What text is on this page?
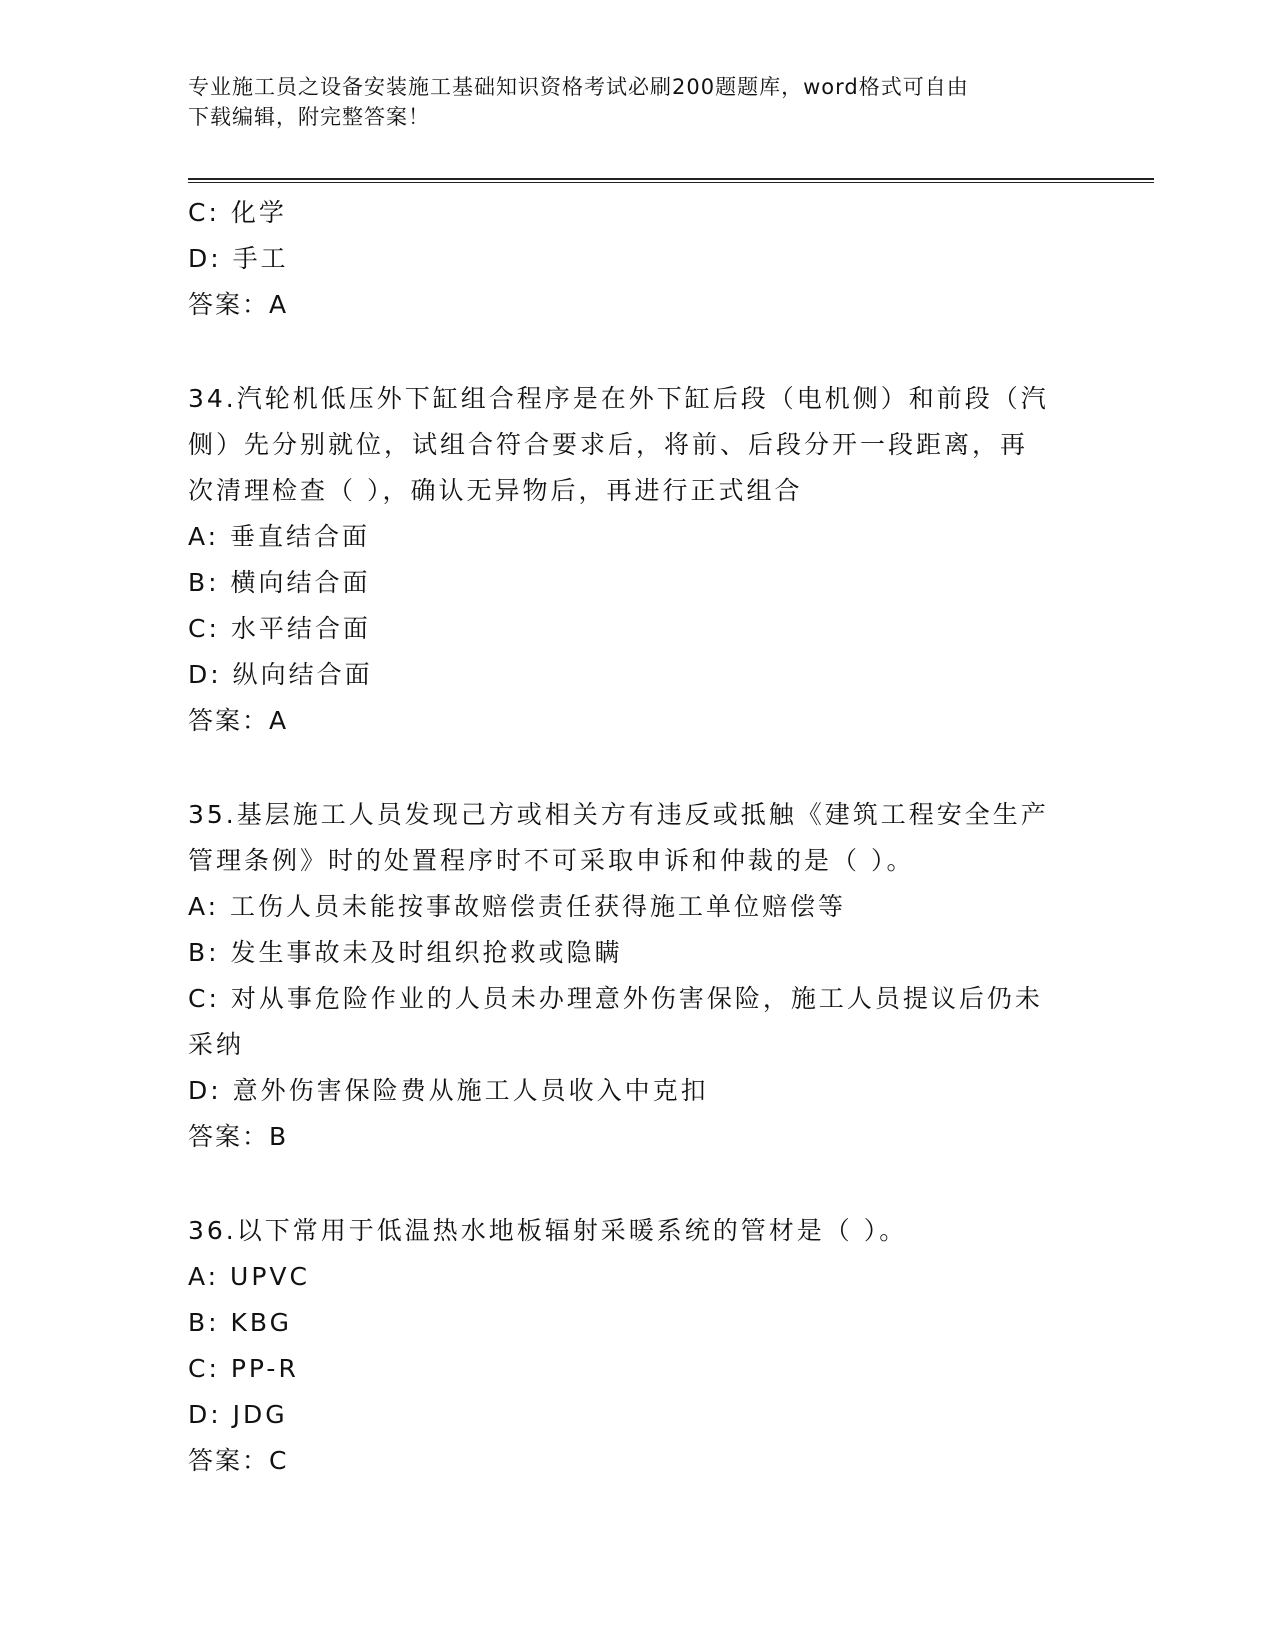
专业施工员之设备安装施工基础知识资格考试必刷200题题库，word格式可自由
下载编辑，附完整答案！
C: 化学
D: 手工
答案：A
34.汽轮机低压外下缸组合程序是在外下缸后段（电机侧）和前段（汽
侧）先分别就位，试组合符合要求后，将前、后段分开一段距离，再
次清理检查（ ），确认无异物后，再进行正式组合
A: 垂直结合面
B: 横向结合面
C: 水平结合面
D: 纵向结合面
答案：A
35.基层施工人员发现己方或相关方有违反或抵触《建筑工程安全生产
管理条例》时的处置程序时不可采取申诉和仲裁的是（ ）。
A: 工伤人员未能按事故赔偿责任获得施工单位赔偿等
B: 发生事故未及时组织抢救或隐瞒
C: 对从事危险作业的人员未办理意外伤害保险，施工人员提议后仍未
采纳
D: 意外伤害保险费从施工人员收入中克扣
答案：B
36.以下常用于低温热水地板辐射采暖系统的管材是（ ）。
A: UPVC
B: KBG
C: PP-R
D: JDG
答案：C
